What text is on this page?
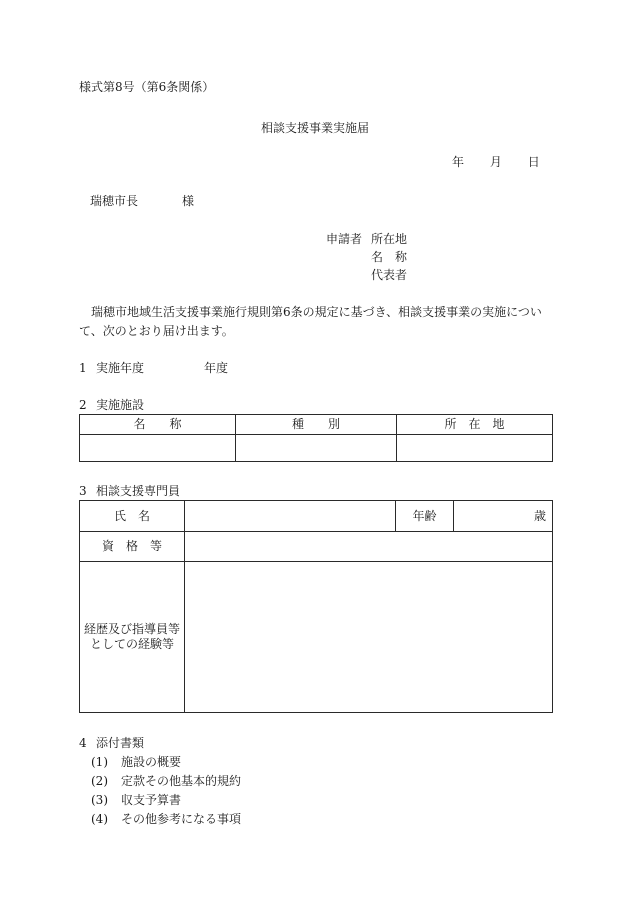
様式第8号（第6条関係）
相談支援事業実施届
年 月 日
瑞穂市長	様
申請者 所在地
名　称
代表者
瑞穂市地域生活支援事業施行規則第6条の規定に基づき、相談支援事業の実施について、次のとおり届け出ます。
1 実施年度	年度
2 実施施設
名　　称	種　　別	所　在　地

3 相談支援専門員
氏　名		年齢	歳
資　格　等			

経歴及び指導員等
としての経験等			

4 添付書類
(1) 施設の概要
(2) 定款その他基本的規約
(3) 収支予算書
(4) その他参考になる事項
